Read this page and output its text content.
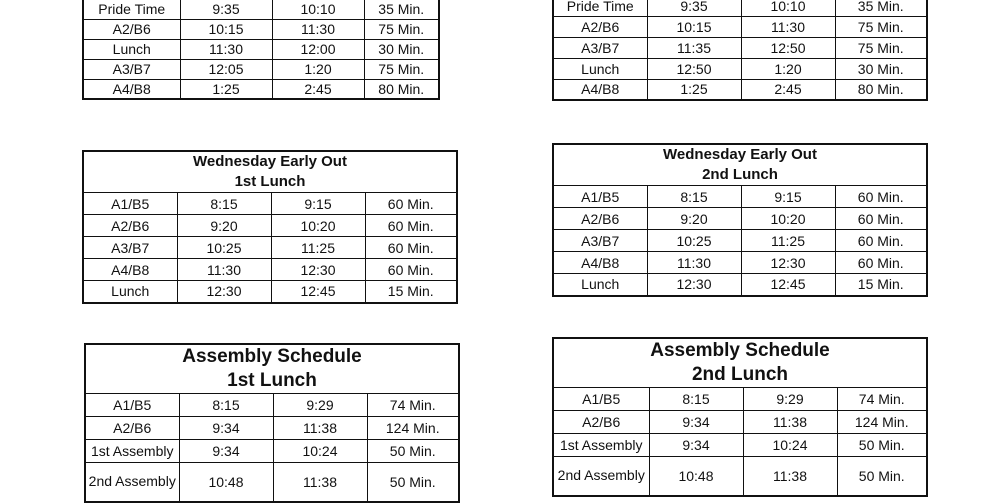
Pride Time	9:35	10:10	35 Min.
A2/B6	10:15	11:30	75 Min.
Lunch	11:30	12:00	30 Min.
A3/B7	12:05	1:20	75 Min.
A4/B8	1:25	2:45	80 Min.
Pride Time	9:35	10:10	35 Min.
A2/B6	10:15	11:30	75 Min.
A3/B7	11:35	12:50	75 Min.
Lunch	12:50	1:20	30 Min.
A4/B8	1:25	2:45	80 Min.
Wednesday Early Out
1st Lunch			

A1/B5	8:15	9:15	60 Min.
A2/B6	9:20	10:20	60 Min.
A3/B7	10:25	11:25	60 Min.
A4/B8	11:30	12:30	60 Min.
Lunch	12:30	12:45	15 Min.
Wednesday Early Out
2nd Lunch			

A1/B5	8:15	9:15	60 Min.
A2/B6	9:20	10:20	60 Min.
A3/B7	10:25	11:25	60 Min.
A4/B8	11:30	12:30	60 Min.
Lunch	12:30	12:45	15 Min.
Assembly Schedule
1st Lunch			

A1/B5	8:15	9:29	74 Min.
A2/B6	9:34	11:38	124 Min.
1st Assembly	9:34	10:24	50 Min.
2nd Assembly	10:48	11:38	50 Min.
Assembly Schedule
2nd Lunch			

A1/B5	8:15	9:29	74 Min.
A2/B6	9:34	11:38	124 Min.
1st Assembly	9:34	10:24	50 Min.
2nd Assembly	10:48	11:38	50 Min.
